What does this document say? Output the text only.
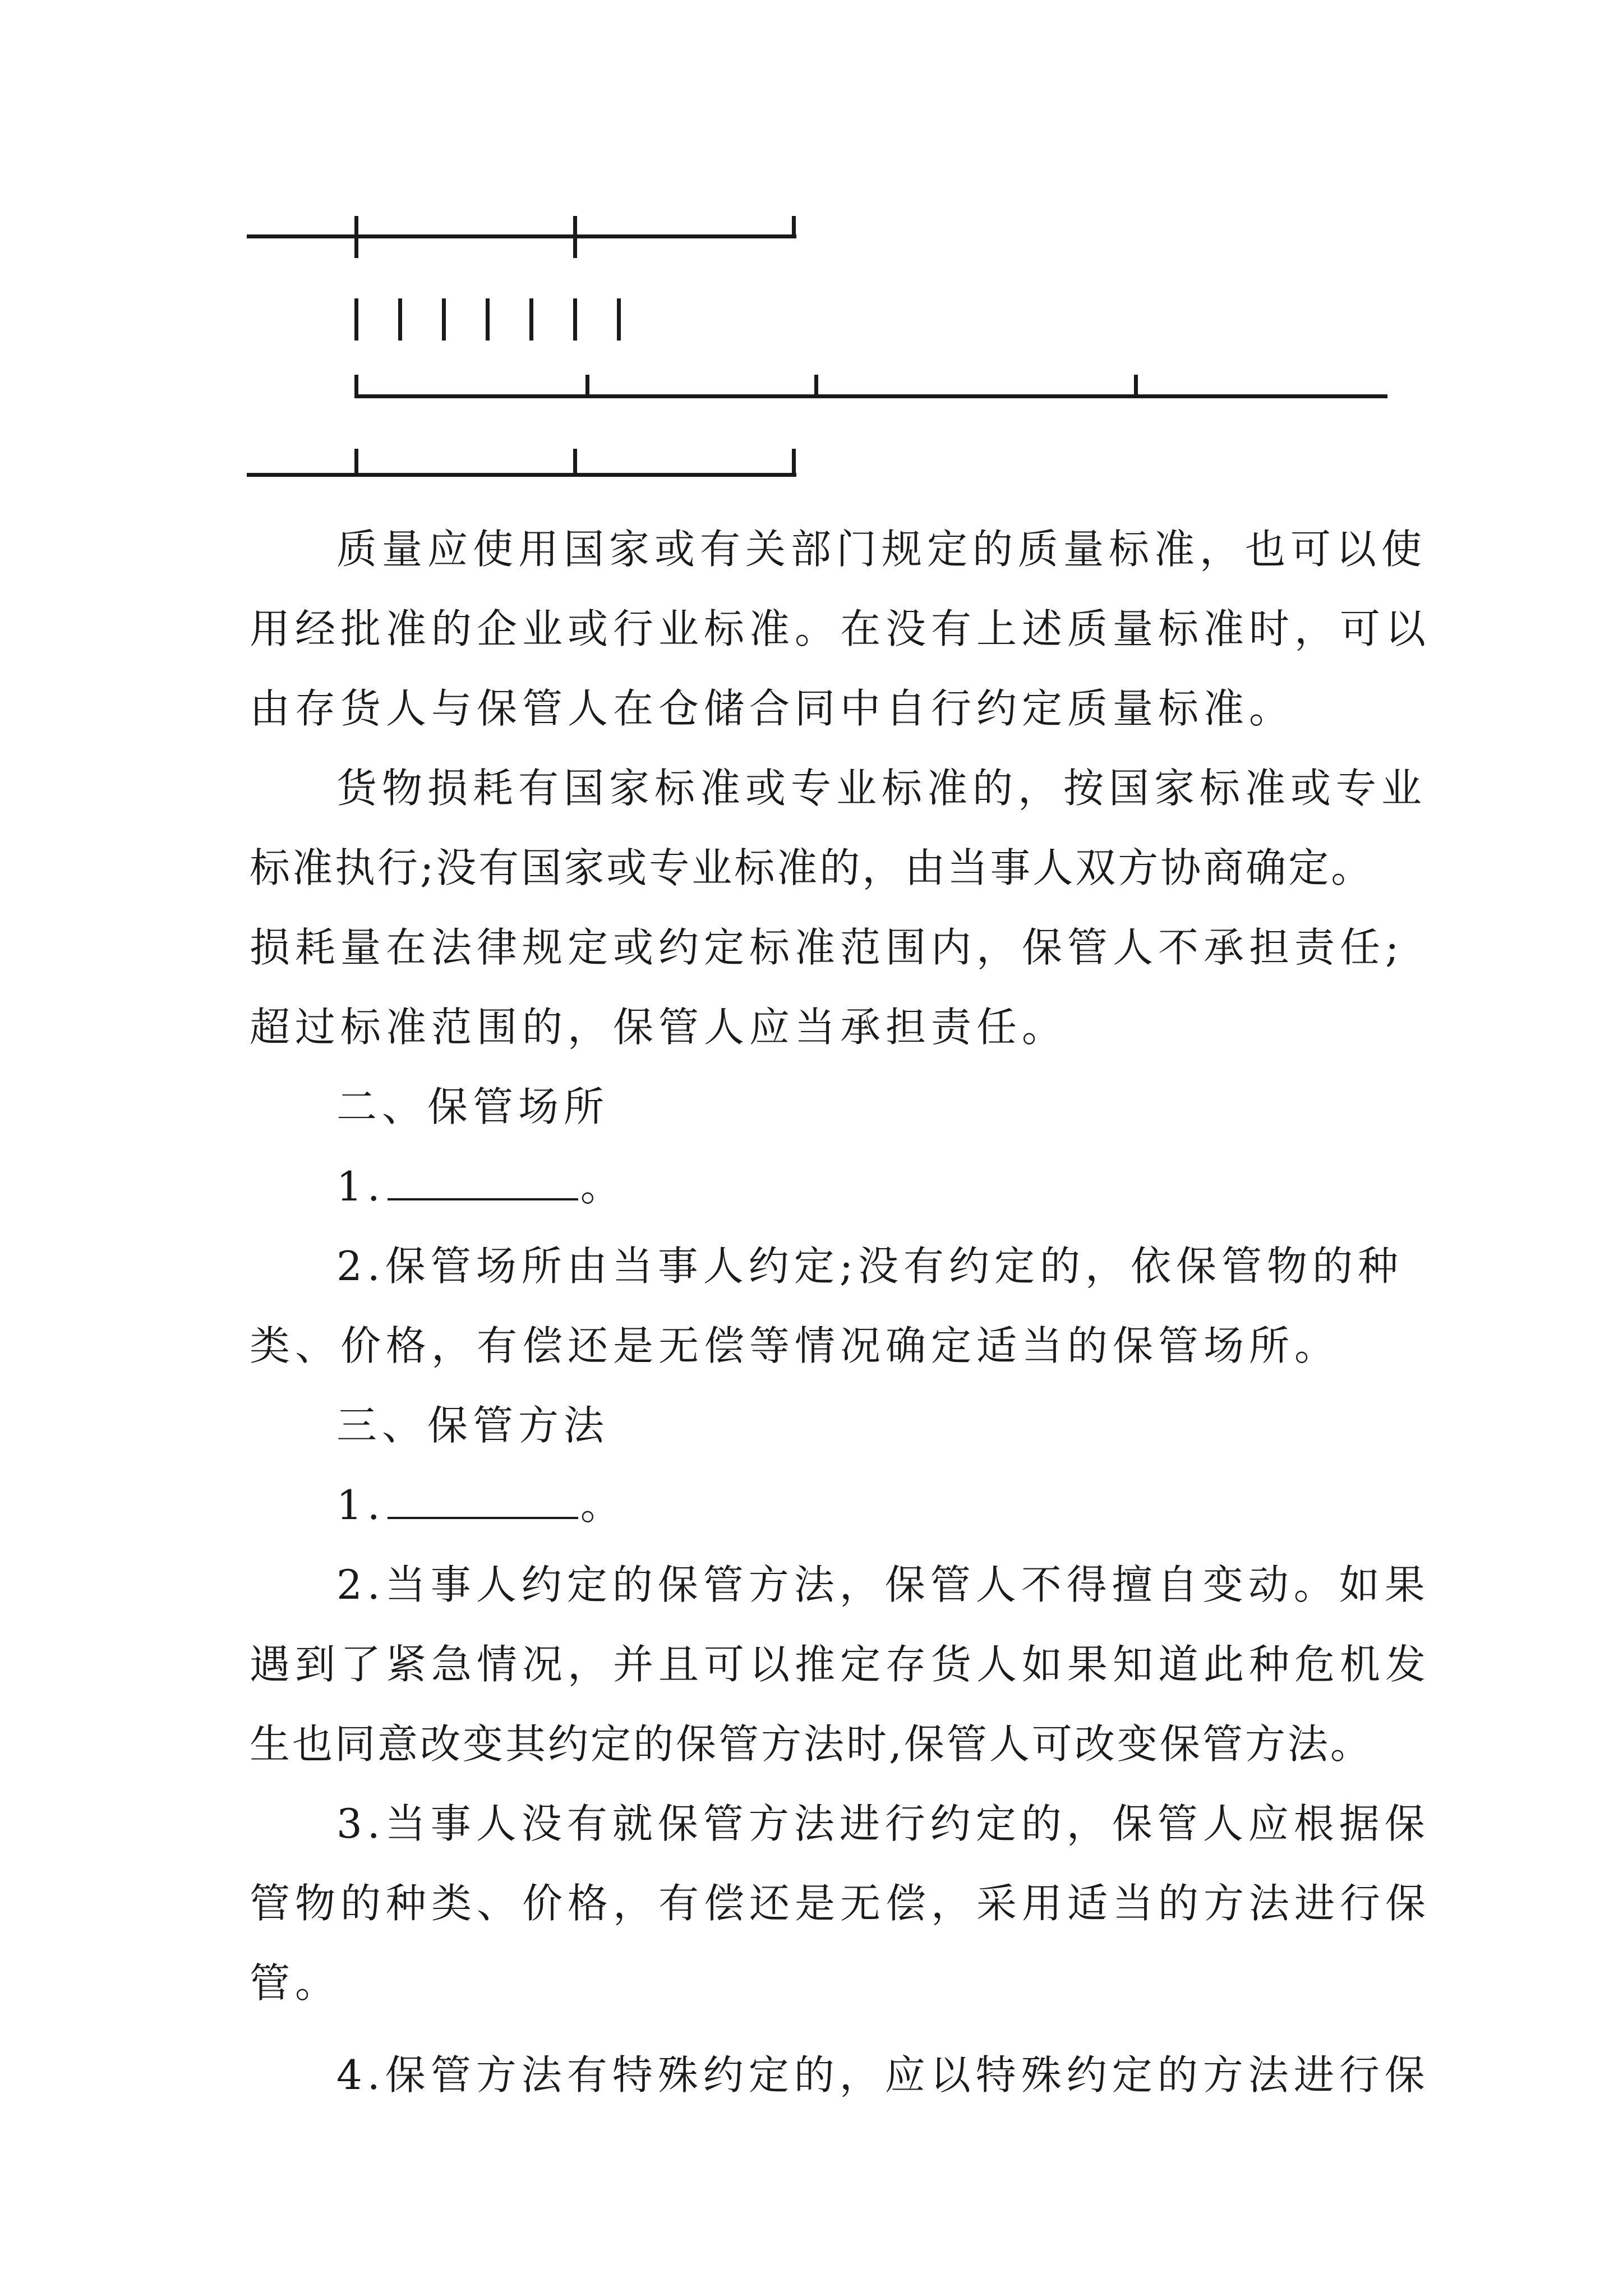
质量应使用国家或有关部门规定的质量标准，也可以使
用经批准的企业或行业标准。在没有上述质量标准时，可以
由存货人与保管人在仓储合同中自行约定质量标准。
货物损耗有国家标准或专业标准的，按国家标准或专业
标准执行;没有国家或专业标准的，由当事人双方协商确定。
损耗量在法律规定或约定标准范围内，保管人不承担责任;
超过标准范围的，保管人应当承担责任。
二、保管场所
1.	。
2.保管场所由当事人约定;没有约定的，依保管物的种
类、价格，有偿还是无偿等情况确定适当的保管场所。
三、保管方法
1.	。
2.当事人约定的保管方法，保管人不得擅自变动。如果
遇到了紧急情况，并且可以推定存货人如果知道此种危机发
生也同意改变其约定的保管方法时,保管人可改变保管方法。
3.当事人没有就保管方法进行约定的，保管人应根据保
管物的种类、价格，有偿还是无偿，采用适当的方法进行保
管。
4.保管方法有特殊约定的，应以特殊约定的方法进行保
